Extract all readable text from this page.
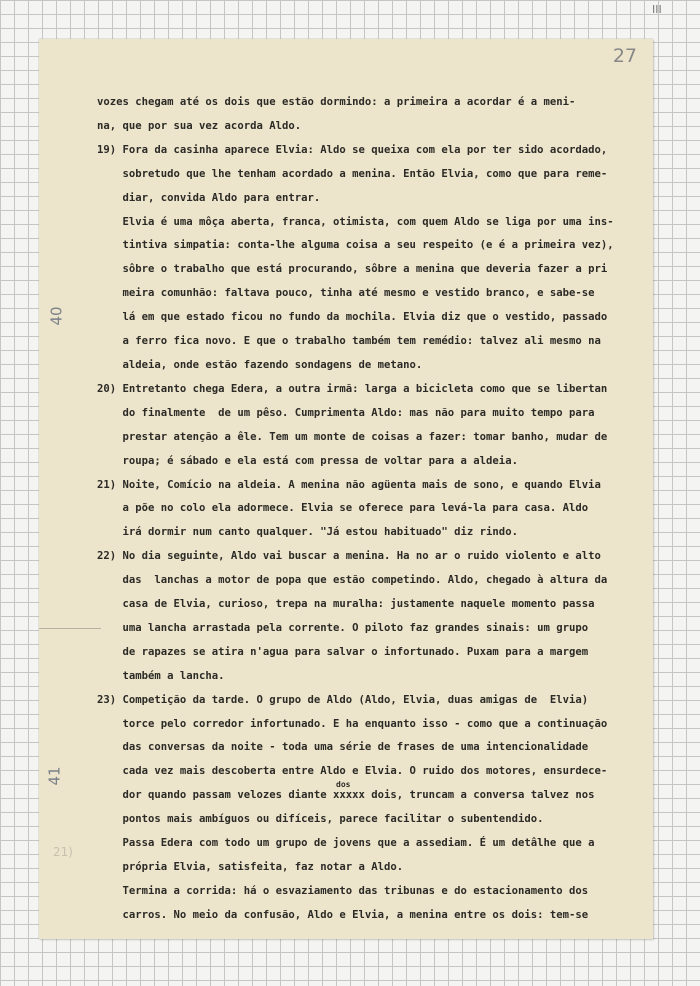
III
27
40
41
21)
dos
vozes chegam até os dois que estão dormindo: a primeira a acordar é a meni-
na, que por sua vez acorda Aldo.
19) Fora da casinha aparece Elvia: Aldo se queixa com ela por ter sido acordado,
sobretudo que lhe tenham acordado a menina. Então Elvia, como que para reme-
diar, convida Aldo para entrar.
Elvia é uma môça aberta, franca, otimista, com quem Aldo se liga por uma ins-
tintiva simpatia: conta-lhe alguma coisa a seu respeito (e é a primeira vez),
sôbre o trabalho que está procurando, sôbre a menina que deveria fazer a pri
meira comunhão: faltava pouco, tinha até mesmo e vestido branco, e sabe-se
lá em que estado ficou no fundo da mochila. Elvia diz que o vestido, passado
a ferro fica novo. E que o trabalho também tem remédio: talvez ali mesmo na
aldeia, onde estão fazendo sondagens de metano.
20) Entretanto chega Edera, a outra irmã: larga a bicicleta como que se libertan
do finalmente  de um pêso. Cumprimenta Aldo: mas não para muito tempo para
prestar atenção a êle. Tem um monte de coisas a fazer: tomar banho, mudar de
roupa; é sábado e ela está com pressa de voltar para a aldeia.
21) Noite, Comício na aldeia. A menina não agüenta mais de sono, e quando Elvia
a põe no colo ela adormece. Elvia se oferece para levá-la para casa. Aldo
irá dormir num canto qualquer. "Já estou habituado" diz rindo.
22) No dia seguinte, Aldo vai buscar a menina. Ha no ar o ruido violento e alto
das  lanchas a motor de popa que estão competindo. Aldo, chegado à altura da
casa de Elvia, curioso, trepa na muralha: justamente naquele momento passa
uma lancha arrastada pela corrente. O piloto faz grandes sinais: um grupo
de rapazes se atira n'agua para salvar o infortunado. Puxam para a margem
também a lancha.
23) Competição da tarde. O grupo de Aldo (Aldo, Elvia, duas amigas de  Elvia)
torce pelo corredor infortunado. E ha enquanto isso - como que a continuação
das conversas da noite - toda uma série de frases de uma intencionalidade
cada vez mais descoberta entre Aldo e Elvia. O ruido dos motores, ensurdece-
dor quando passam velozes diante xxxxx dois, truncam a conversa talvez nos
pontos mais ambíguos ou difíceis, parece facilitar o subentendido.
Passa Edera com todo um grupo de jovens que a assediam. É um detâlhe que a
própria Elvia, satisfeita, faz notar a Aldo.
Termina a corrida: há o esvaziamento das tribunas e do estacionamento dos
carros. No meio da confusão, Aldo e Elvia, a menina entre os dois: tem-se
